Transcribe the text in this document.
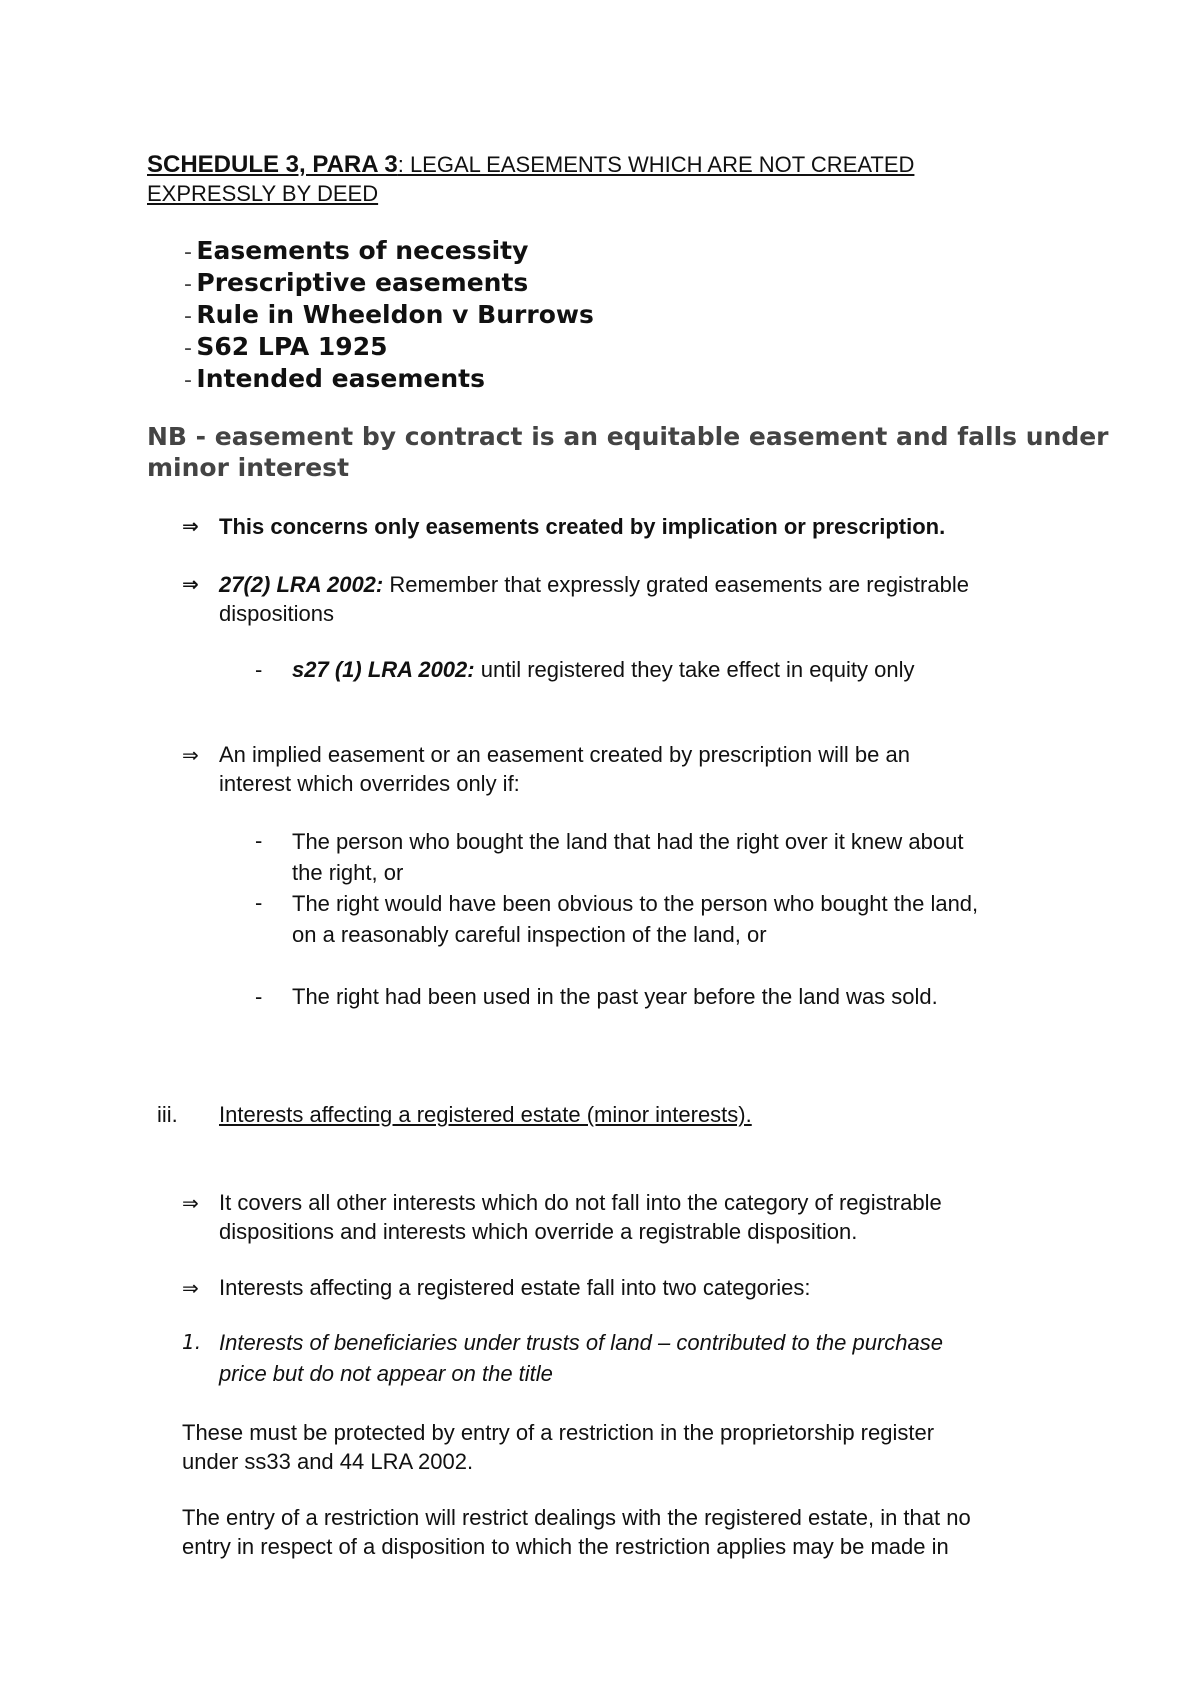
SCHEDULE 3, PARA 3: LEGAL EASEMENTS WHICH ARE NOT CREATED
EXPRESSLY BY DEED
- Easements of necessity
- Prescriptive easements
- Rule in Wheeldon v Burrows
- S62 LPA 1925
- Intended easements
NB - easement by contract is an equitable easement and falls under
minor interest
⇒ This concerns only easements created by implication or prescription.
⇒ 27(2) LRA 2002: Remember that expressly grated easements are registrable
dispositions
- s27 (1) LRA 2002: until registered they take effect in equity only
⇒ An implied easement or an easement created by prescription will be an
interest which overrides only if:
- The person who bought the land that had the right over it knew about
the right, or
- The right would have been obvious to the person who bought the land,
on a reasonably careful inspection of the land, or
- The right had been used in the past year before the land was sold.
iii. Interests affecting a registered estate (minor interests).
⇒ It covers all other interests which do not fall into the category of registrable
dispositions and interests which override a registrable disposition.
⇒ Interests affecting a registered estate fall into two categories:
1. Interests of beneficiaries under trusts of land – contributed to the purchase
price but do not appear on the title
These must be protected by entry of a restriction in the proprietorship register
under ss33 and 44 LRA 2002.
The entry of a restriction will restrict dealings with the registered estate, in that no
entry in respect of a disposition to which the restriction applies may be made in
